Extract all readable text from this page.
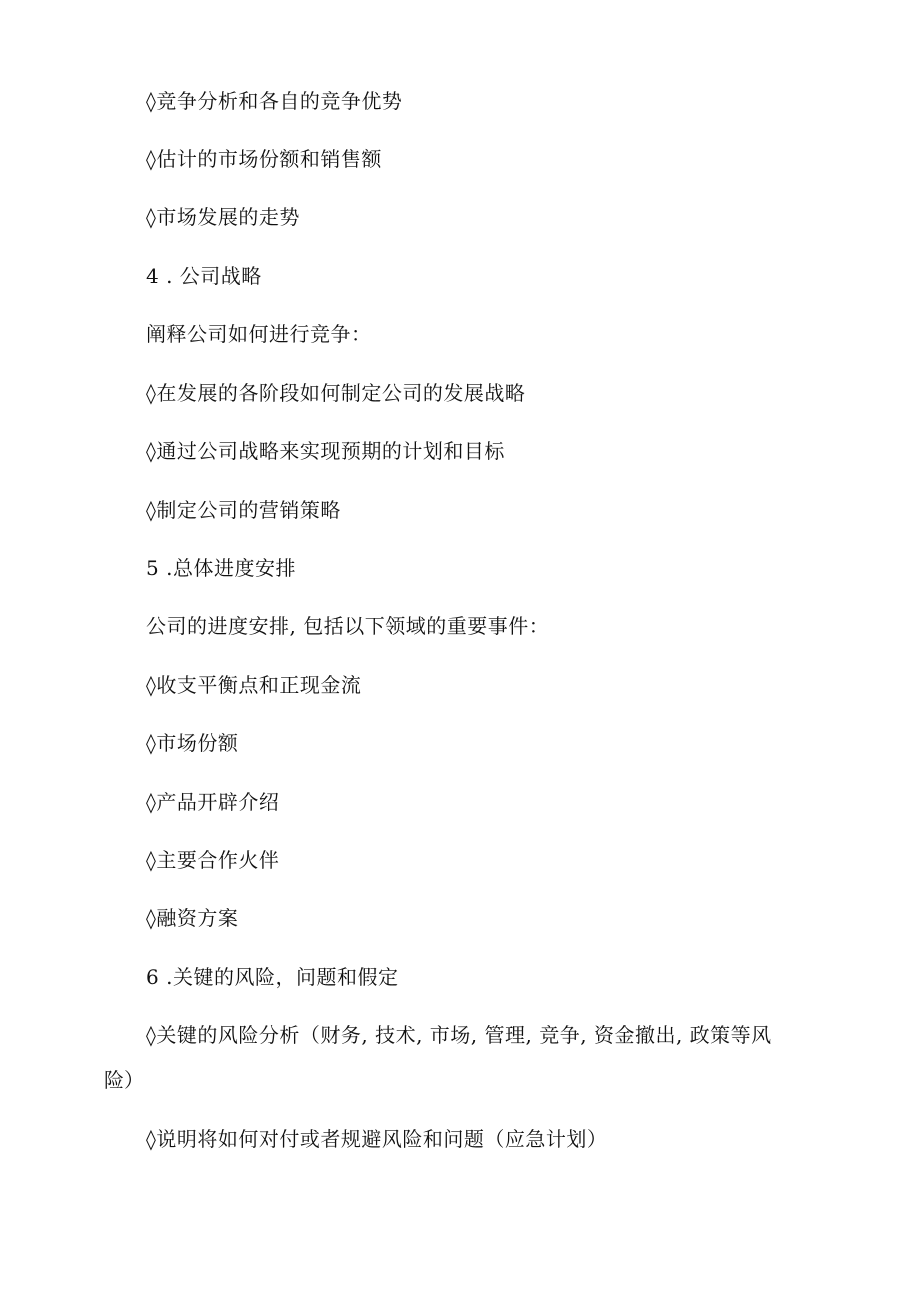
◊竞争分析和各自的竞争优势
◊估计的市场份额和销售额
◊市场发展的走势
4 . 公司战略
阐释公司如何进行竞争：
◊在发展的各阶段如何制定公司的发展战略
◊通过公司战略来实现预期的计划和目标
◊制定公司的营销策略
5 .总体进度安排
公司的进度安排, 包括以下领域的重要事件：
◊收支平衡点和正现金流
◊市场份额
◊产品开辟介绍
◊主要合作火伴
◊融资方案
6 .关键的风险，问题和假定
◊关键的风险分析（财务, 技术, 市场, 管理, 竞争, 资金撤出, 政策等风
险）
◊说明将如何对付或者规避风险和问题（应急计划）
